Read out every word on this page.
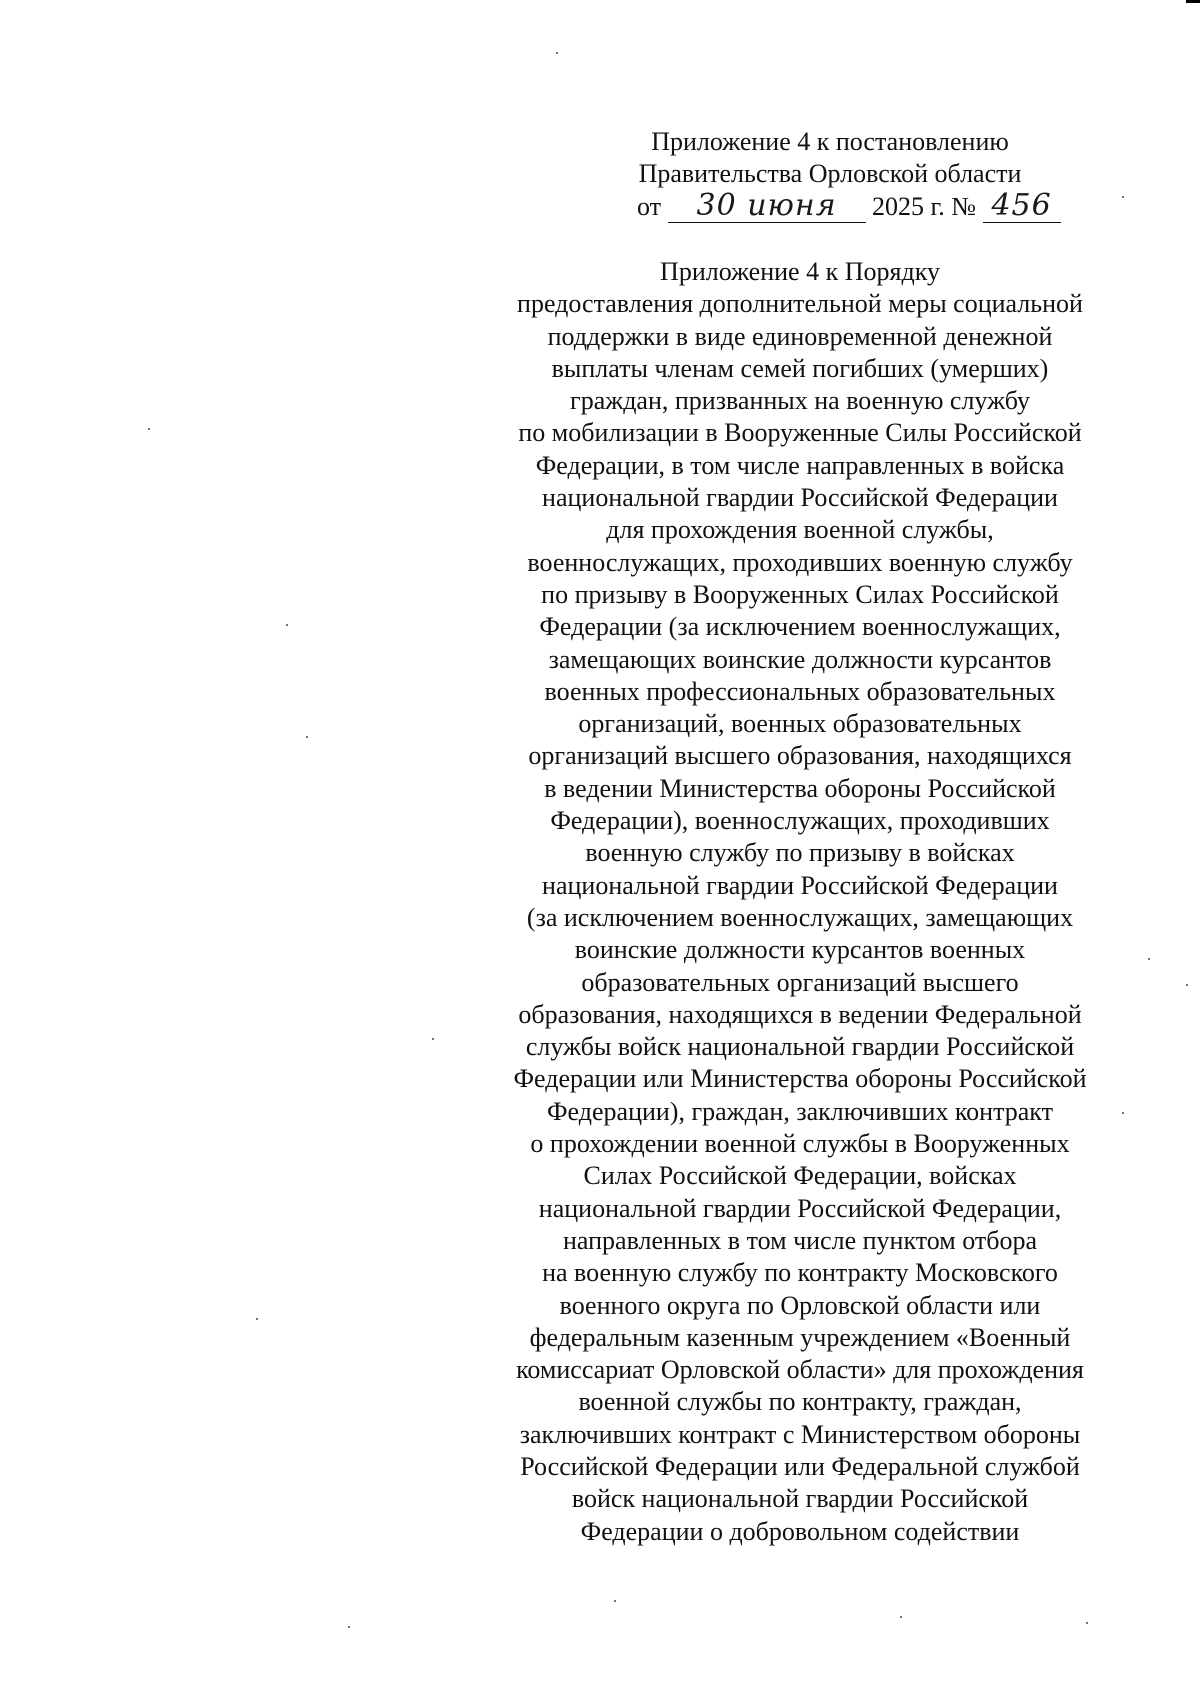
Приложение 4 к постановлению
Правительства Орловской области
от 30 июня 2025 г. № 456
Приложение 4 к Порядку
предоставления дополнительной меры социальной
поддержки в виде единовременной денежной
выплаты членам семей погибших (умерших)
граждан, призванных на военную службу
по мобилизации в Вооруженные Силы Российской
Федерации, в том числе направленных в войска
национальной гвардии Российской Федерации
для прохождения военной службы,
военнослужащих, проходивших военную службу
по призыву в Вооруженных Силах Российской
Федерации (за исключением военнослужащих,
замещающих воинские должности курсантов
военных профессиональных образовательных
организаций, военных образовательных
организаций высшего образования, находящихся
в ведении Министерства обороны Российской
Федерации), военнослужащих, проходивших
военную службу по призыву в войсках
национальной гвардии Российской Федерации
(за исключением военнослужащих, замещающих
воинские должности курсантов военных
образовательных организаций высшего
образования, находящихся в ведении Федеральной
службы войск национальной гвардии Российской
Федерации или Министерства обороны Российской
Федерации), граждан, заключивших контракт
о прохождении военной службы в Вооруженных
Силах Российской Федерации, войсках
национальной гвардии Российской Федерации,
направленных в том числе пунктом отбора
на военную службу по контракту Московского
военного округа по Орловской области или
федеральным казенным учреждением «Военный
комиссариат Орловской области» для прохождения
военной службы по контракту, граждан,
заключивших контракт с Министерством обороны
Российской Федерации или Федеральной службой
войск национальной гвардии Российской
Федерации о добровольном содействии
